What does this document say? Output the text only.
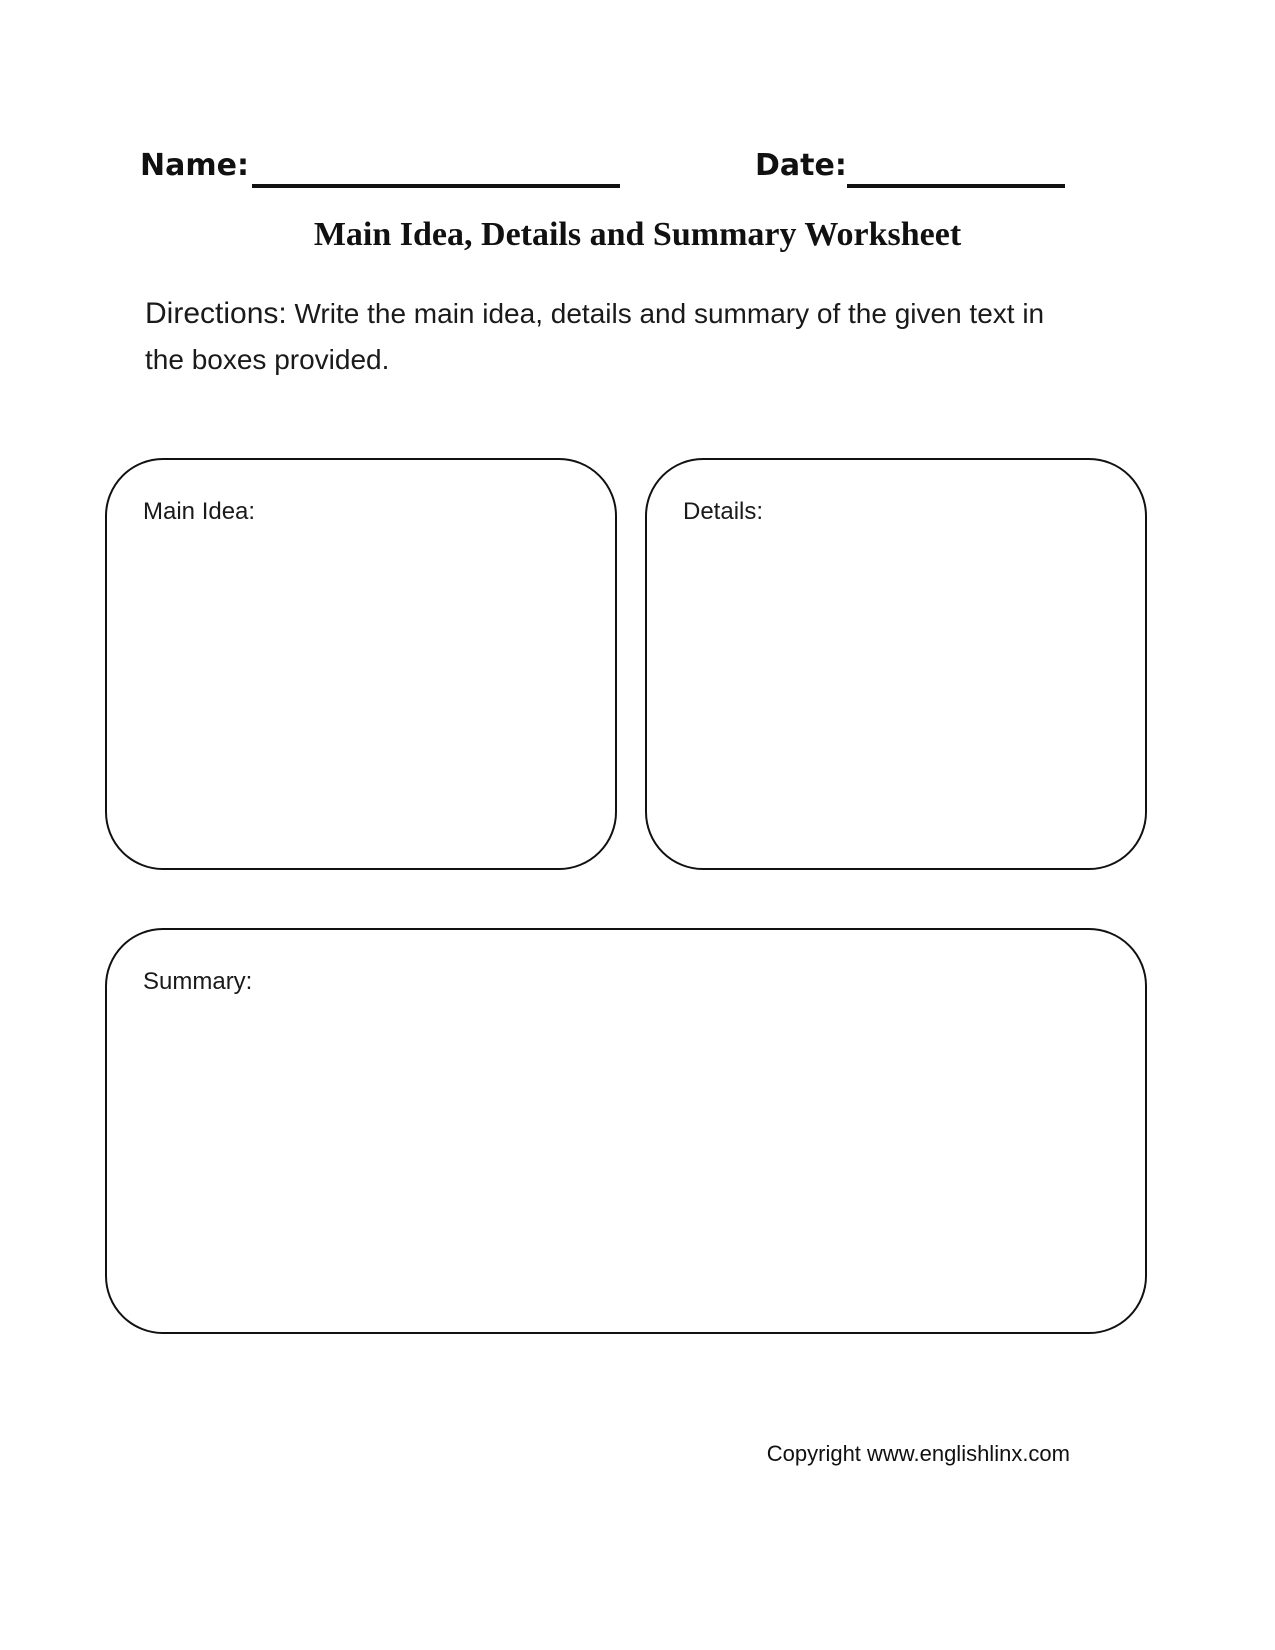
Name:	Date:
Main Idea, Details and Summary Worksheet
Directions: Write the main idea, details and summary of the given text in the boxes provided.
Main Idea:	Details:
Summary:
Copyright www.englishlinx.com
